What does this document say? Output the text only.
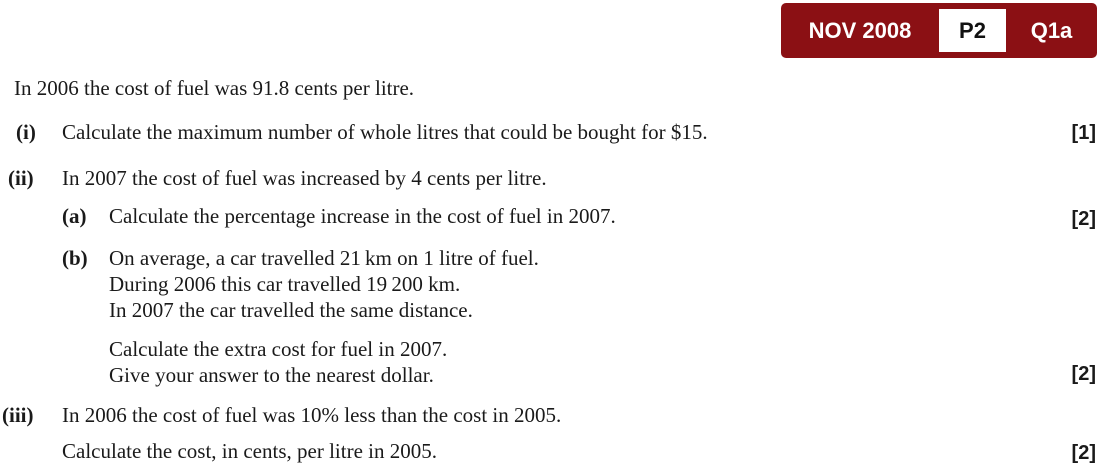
NOV 2008	P2	Q1a
In 2006 the cost of fuel was 91.8 cents per litre.
(i) Calculate the maximum number of whole litres that could be bought for $15.	[1]
(ii) In 2007 the cost of fuel was increased by 4 cents per litre.
(a) Calculate the percentage increase in the cost of fuel in 2007.	[2]
(b) On average, a car travelled 21 km on 1 litre of fuel.
During 2006 this car travelled 19 200 km.
In 2007 the car travelled the same distance.
Calculate the extra cost for fuel in 2007.
Give your answer to the nearest dollar.	[2]
(iii) In 2006 the cost of fuel was 10% less than the cost in 2005.
Calculate the cost, in cents, per litre in 2005.	[2]
